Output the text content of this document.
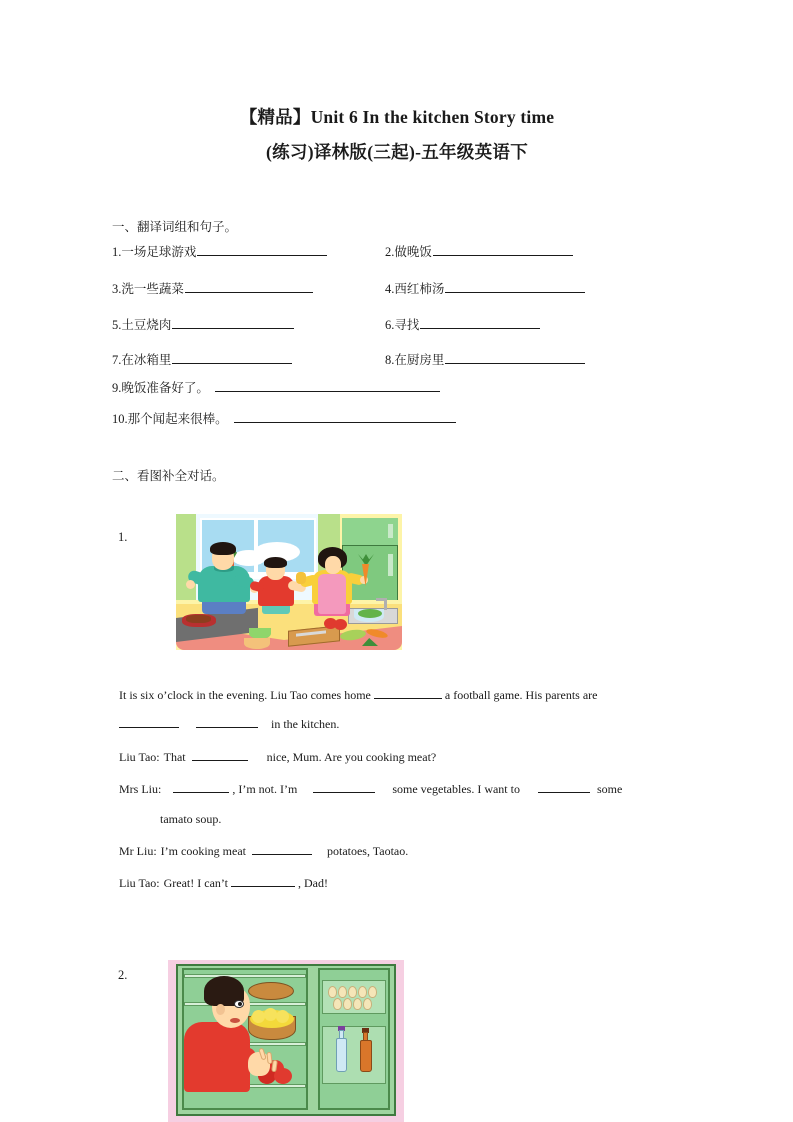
【精品】Unit 6 In the kitchen Story time
(练习)译林版(三起)-五年级英语下
一、翻译词组和句子。
1. 一场足球游戏	2. 做晚饭
3. 洗一些蔬菜	4. 西红柿汤
5. 土豆烧肉	6. 寻找
7. 在冰箱里	8. 在厨房里
9. 晚饭准备好了。
10. 那个闻起来很棒。
二、看图补全对话。
1.
It is six o’clock in the evening. Liu Tao comes home	a football game. His parents are
in the kitchen.
Liu Tao: That	nice, Mum. Are you cooking meat?
Mrs Liu:	, I’m not. I’m	some vegetables. I want to	some
tamato soup.
Mr Liu: I’m cooking meat	potatoes, Taotao.
Liu Tao: Great! I can’t	, Dad!
2.
